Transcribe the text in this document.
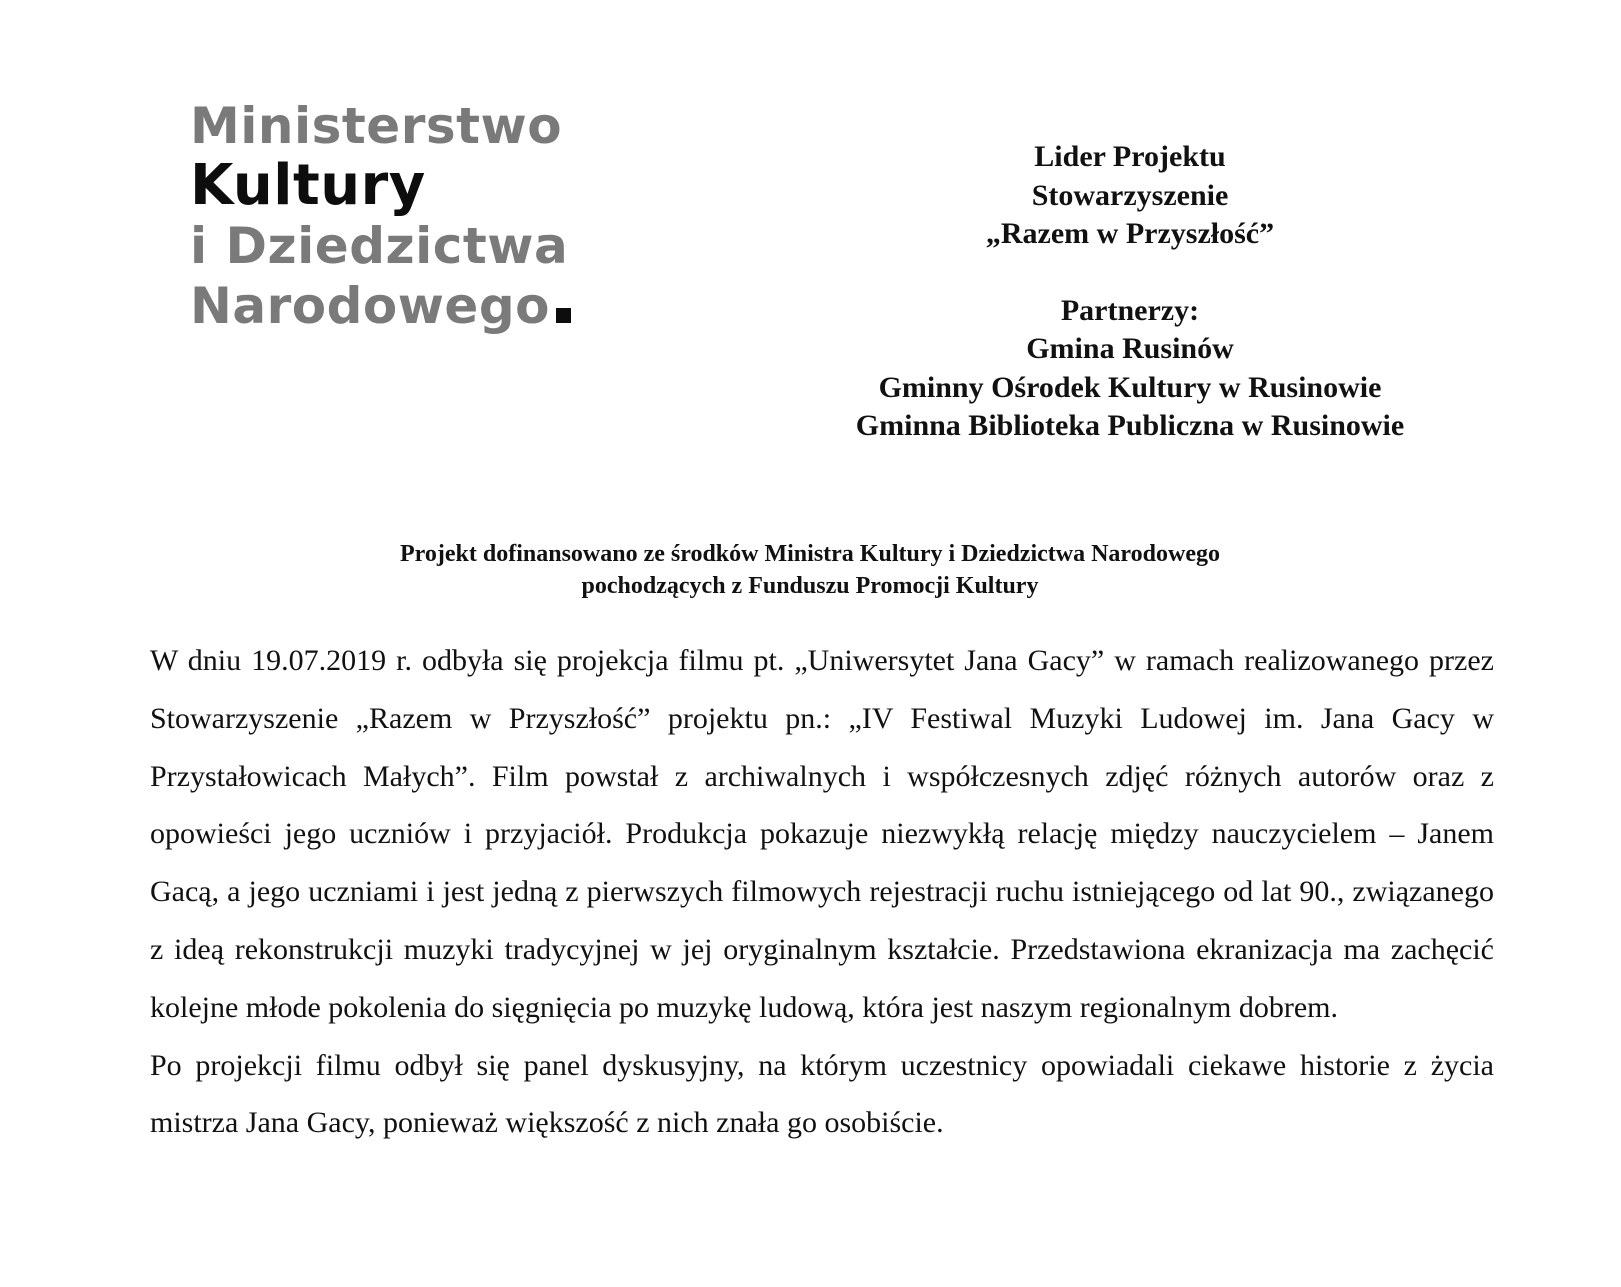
Ministerstwo
Kultury
i Dziedzictwa
Narodowego
Lider Projektu
Stowarzyszenie
„Razem w Przyszłość”
Partnerzy:
Gmina Rusinów
Gminny Ośrodek Kultury w Rusinowie
Gminna Biblioteka Publiczna w Rusinowie
Projekt dofinansowano ze środków Ministra Kultury i Dziedzictwa Narodowego
pochodzących z Funduszu Promocji Kultury

W dniu 19.07.2019 r. odbyła się projekcja filmu pt. „Uniwersytet Jana Gacy” w ramach realizowanego przez Stowarzyszenie „Razem w Przyszłość” projektu pn.: „IV Festiwal Muzyki Ludowej im. Jana Gacy w Przystałowicach Małych”. Film powstał z archiwalnych i współczesnych zdjęć różnych autorów oraz z opowieści jego uczniów i przyjaciół. Produkcja pokazuje niezwykłą relację między nauczycielem – Janem Gacą, a jego uczniami i jest jedną z pierwszych filmowych rejestracji ruchu istniejącego od lat 90., związanego z ideą rekonstrukcji muzyki tradycyjnej w jej oryginalnym kształcie. Przedstawiona ekranizacja ma zachęcić kolejne młode pokolenia do sięgnięcia po muzykę ludową, która jest naszym regionalnym dobrem.

Po projekcji filmu odbył się panel dyskusyjny, na którym uczestnicy opowiadali ciekawe historie z życia mistrza Jana Gacy, ponieważ większość z nich znała go osobiście.
